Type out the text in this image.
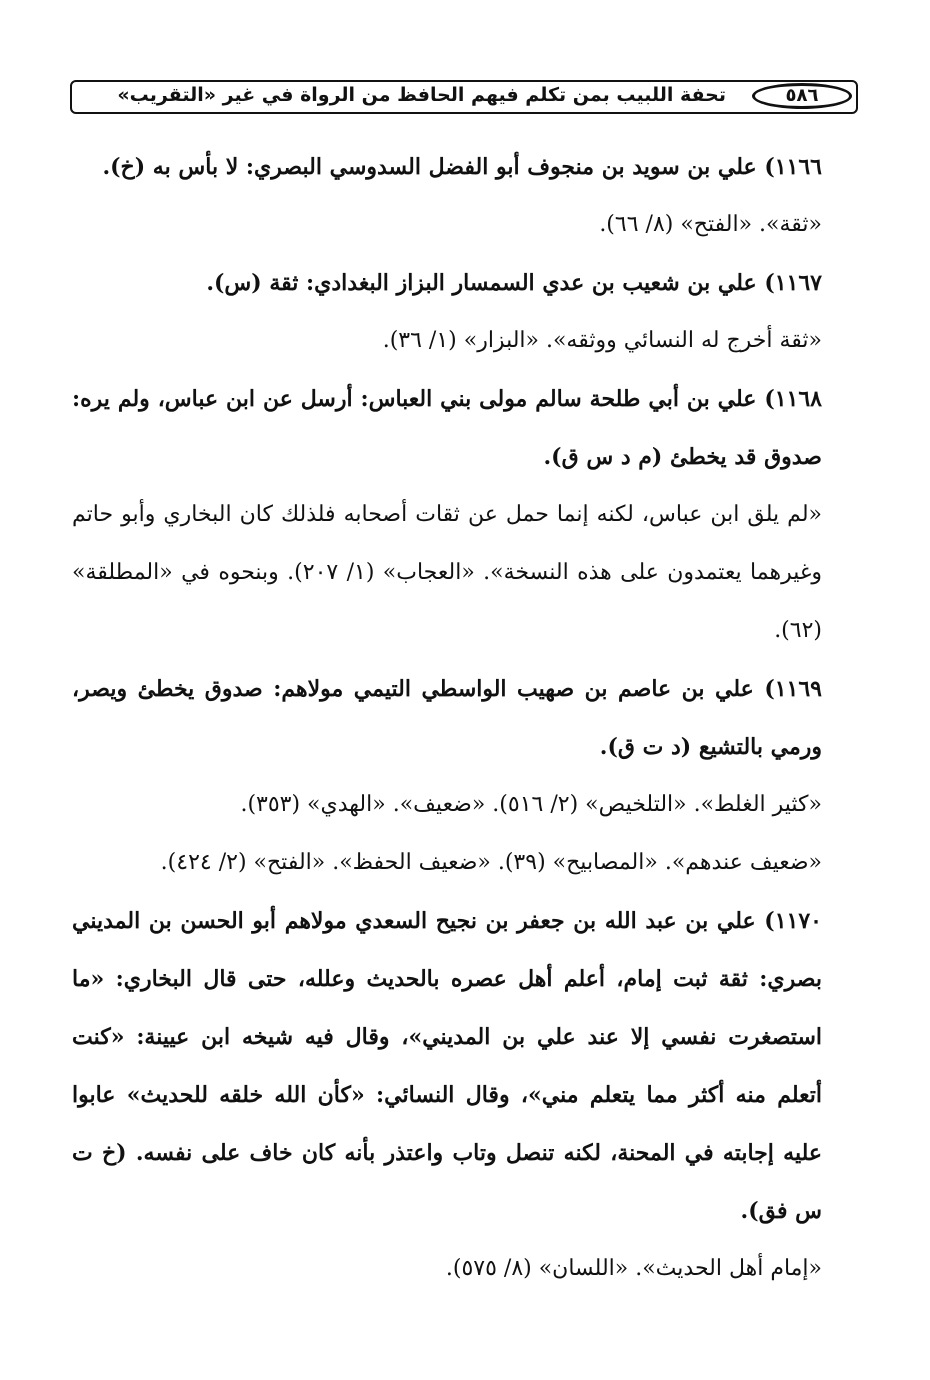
٥٨٦
تحفة اللبيب بمن تكلم فيهم الحافظ من الرواة في غير «التقريب»

١١٦٦) علي بن سويد بن منجوف أبو الفضل السدوسي البصري: لا بأس به (خ).

«ثقة». «الفتح» (٨/ ٦٦).

١١٦٧) علي بن شعيب بن عدي السمسار البزاز البغدادي: ثقة (س).

«ثقة أخرج له النسائي ووثقه». «البزار» (١/ ٣٦).

١١٦٨) علي بن أبي طلحة سالم مولى بني العباس: أرسل عن ابن عباس، ولم يره: صدوق قد يخطئ (م د س ق).

«لم يلق ابن عباس، لكنه إنما حمل عن ثقات أصحابه فلذلك كان البخاري وأبو حاتم وغيرهما يعتمدون على هذه النسخة». «العجاب» (١/ ٢٠٧). وبنحوه في «المطلقة» (٦٢).

١١٦٩) علي بن عاصم بن صهيب الواسطي التيمي مولاهم: صدوق يخطئ ويصر، ورمي بالتشيع (د ت ق).

«كثير الغلط». «التلخيص» (٢/ ٥١٦). «ضعيف». «الهدي» (٣٥٣).

«ضعيف عندهم». «المصابيح» (٣٩). «ضعيف الحفظ». «الفتح» (٢/ ٤٢٤).

١١٧٠) علي بن عبد الله بن جعفر بن نجيح السعدي مولاهم أبو الحسن بن المديني بصري: ثقة ثبت إمام، أعلم أهل عصره بالحديث وعلله، حتى قال البخاري: «ما استصغرت نفسي إلا عند علي بن المديني»، وقال فيه شيخه ابن عيينة: «كنت أتعلم منه أكثر مما يتعلم مني»، وقال النسائي: «كأن الله خلقه للحديث» عابوا عليه إجابته في المحنة، لكنه تنصل وتاب واعتذر بأنه كان خاف على نفسه. (خ ت س فق).

«إمام أهل الحديث». «اللسان» (٨/ ٥٧٥).
